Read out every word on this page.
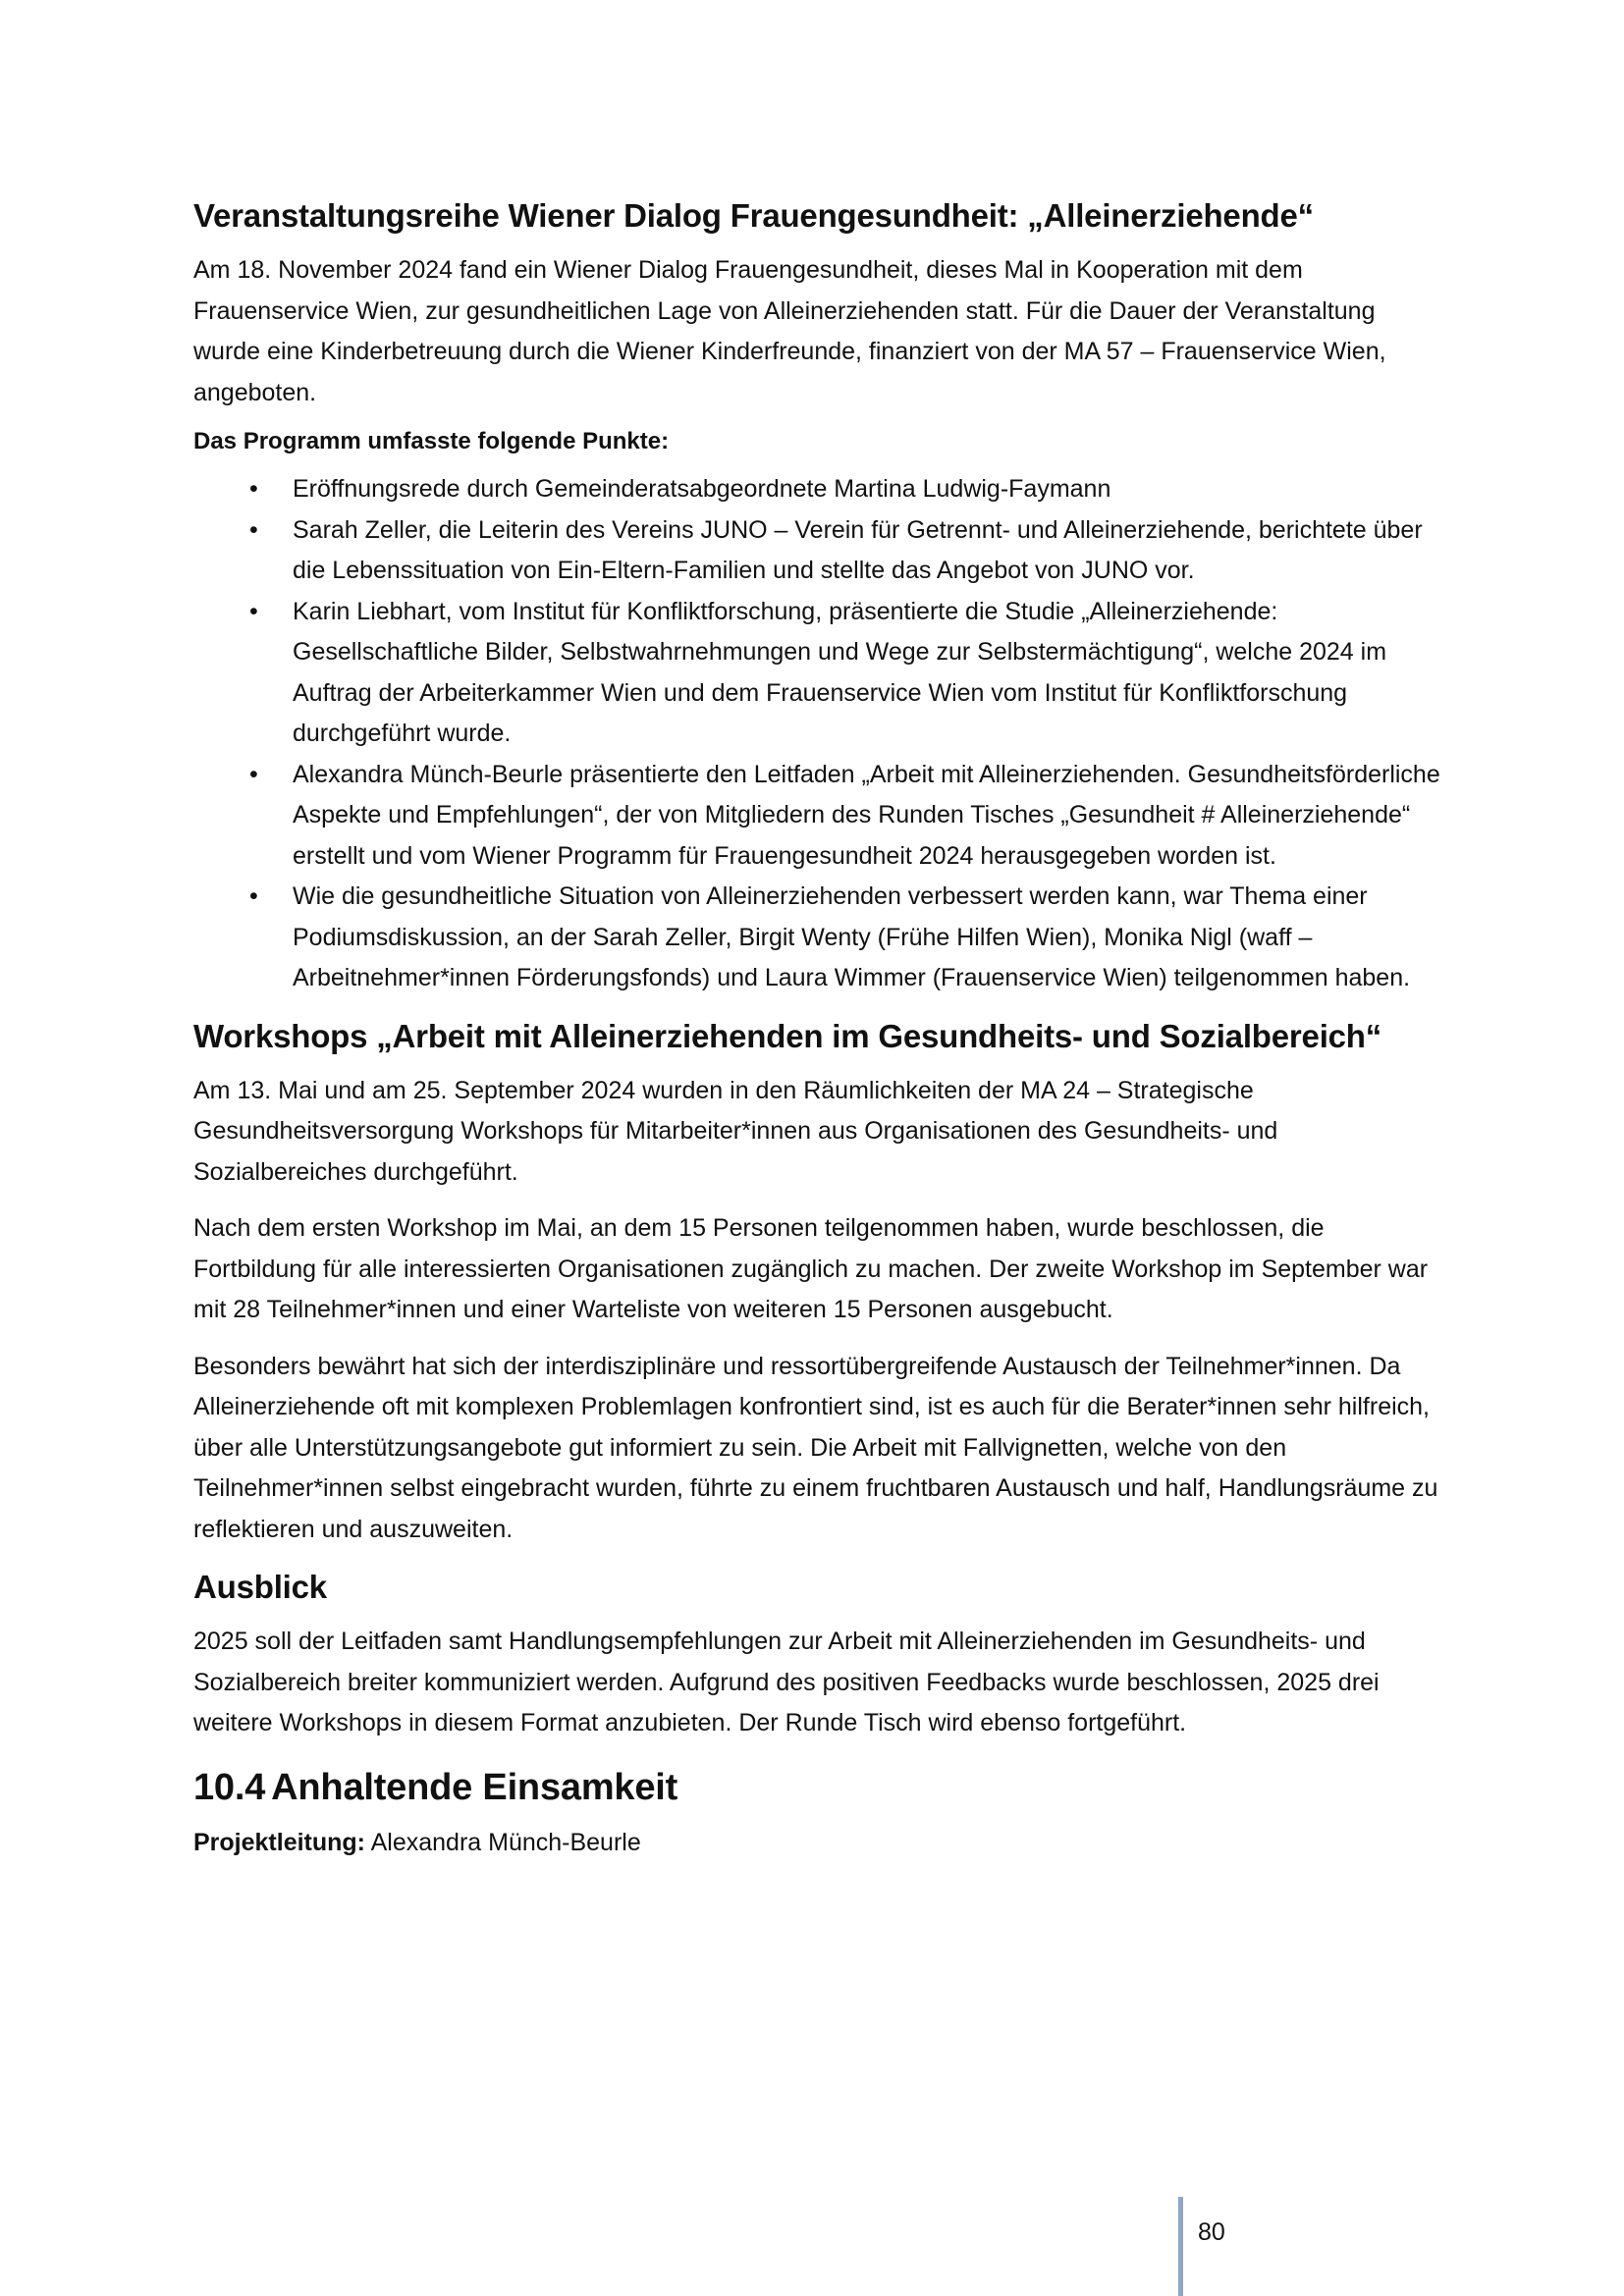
Veranstaltungsreihe Wiener Dialog Frauengesundheit: „Alleinerziehende“

Am 18. November 2024 fand ein Wiener Dialog Frauengesundheit, dieses Mal in Kooperation mit dem Frauenservice Wien, zur gesundheitlichen Lage von Alleinerziehenden statt. Für die Dauer der Veranstaltung wurde eine Kinderbetreuung durch die Wiener Kinderfreunde, finanziert von der MA 57 – Frauenservice Wien, angeboten.

Das Programm umfasste folgende Punkte:

• Eröffnungsrede durch Gemeinderatsabgeordnete Martina Ludwig-Faymann
• Sarah Zeller, die Leiterin des Vereins JUNO – Verein für Getrennt- und Alleinerziehende, berichtete über die Lebenssituation von Ein-Eltern-Familien und stellte das Angebot von JUNO vor.
• Karin Liebhart, vom Institut für Konfliktforschung, präsentierte die Studie „Alleinerziehende: Gesellschaftliche Bilder, Selbstwahrnehmungen und Wege zur Selbstermächtigung“, welche 2024 im Auftrag der Arbeiterkammer Wien und dem Frauenservice Wien vom Institut für Konfliktforschung durchgeführt wurde.
• Alexandra Münch-Beurle präsentierte den Leitfaden „Arbeit mit Alleinerziehenden. Gesundheitsförderliche Aspekte und Empfehlungen“, der von Mitgliedern des Runden Tisches „Gesundheit # Alleinerziehende“ erstellt und vom Wiener Programm für Frauengesundheit 2024 herausgegeben worden ist.
• Wie die gesundheitliche Situation von Alleinerziehenden verbessert werden kann, war Thema einer Podiumsdiskussion, an der Sarah Zeller, Birgit Wenty (Frühe Hilfen Wien), Monika Nigl (waff – Arbeitnehmer*innen Förderungsfonds) und Laura Wimmer (Frauenservice Wien) teilgenommen haben.
Workshops „Arbeit mit Alleinerziehenden im Gesundheits- und Sozialbereich“

Am 13. Mai und am 25. September 2024 wurden in den Räumlichkeiten der MA 24 – Strategische Gesundheitsversorgung Workshops für Mitarbeiter*innen aus Organisationen des Gesundheits- und Sozialbereiches durchgeführt.

Nach dem ersten Workshop im Mai, an dem 15 Personen teilgenommen haben, wurde beschlossen, die Fortbildung für alle interessierten Organisationen zugänglich zu machen. Der zweite Workshop im September war mit 28 Teilnehmer*innen und einer Warteliste von weiteren 15 Personen ausgebucht.

Besonders bewährt hat sich der interdisziplinäre und ressortübergreifende Austausch der Teilnehmer*innen. Da Alleinerziehende oft mit komplexen Problemlagen konfrontiert sind, ist es auch für die Berater*innen sehr hilfreich, über alle Unterstützungsangebote gut informiert zu sein. Die Arbeit mit Fallvignetten, welche von den Teilnehmer*innen selbst eingebracht wurden, führte zu einem fruchtbaren Austausch und half, Handlungsräume zu reflektieren und auszuweiten.

Ausblick

2025 soll der Leitfaden samt Handlungsempfehlungen zur Arbeit mit Alleinerziehenden im Gesundheits- und Sozialbereich breiter kommuniziert werden. Aufgrund des positiven Feedbacks wurde beschlossen, 2025 drei weitere Workshops in diesem Format anzubieten. Der Runde Tisch wird ebenso fortgeführt.

10.4 Anhaltende Einsamkeit

Projektleitung: Alexandra Münch-Beurle

80
